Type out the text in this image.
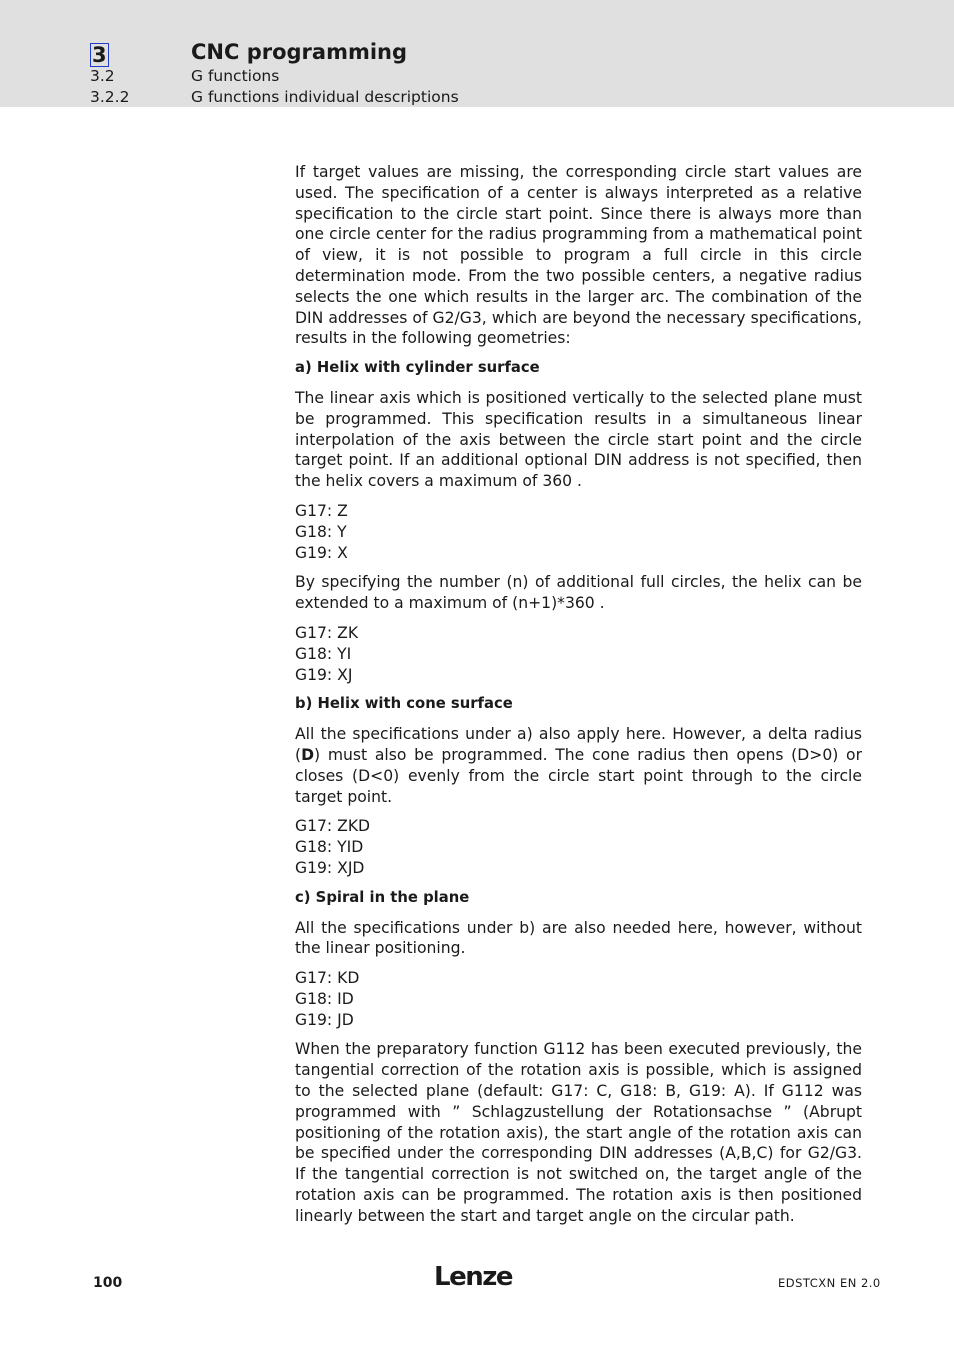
3	CNC programming
3.2	G functions
3.2.2	G functions individual descriptions

If target values are missing, the corresponding circle start values are used. The specification of a center is always interpreted as a relative specification to the circle start point. Since there is always more than one circle center for the radius programming from a mathematical point of view, it is not possible to program a full circle in this circle determination mode. From the two possible centers, a negative radius selects the one which results in the larger arc. The combination of the DIN addresses of G2/G3, which are beyond the necessary specifications, results in the following geometries:

a) Helix with cylinder surface

The linear axis which is positioned vertically to the selected plane must be programmed. This specification results in a simultaneous linear interpolation of the axis between the circle start point and the circle target point. If an additional optional DIN address is not specified, then the helix covers a maximum of 360 .

G17: Z
G18: Y
G19: X

By specifying the number (n) of additional full circles, the helix can be extended to a maximum of (n+1)*360 .

G17: ZK
G18: YI
G19: XJ
b) Helix with cone surface

All the specifications under a) also apply here. However, a delta radius (D) must also be programmed. The cone radius then opens (D>0) or closes (D<0) evenly from the circle start point through to the circle target point.

G17: ZKD
G18: YID
G19: XJD
c) Spiral in the plane

All the specifications under b) are also needed here, however, without the linear positioning.

G17: KD
G18: ID
G19: JD

When the preparatory function G112 has been executed previously, the tangential correction of the rotation axis is possible, which is assigned to the selected plane (default: G17: C, G18: B, G19: A). If G112 was programmed with ” Schlagzustellung der Rotationsachse ” (Abrupt positioning of the rotation axis), the start angle of the rotation axis can be specified under the corresponding DIN addresses (A,B,C) for G2/G3. If the tangential correction is not switched on, the target angle of the rotation axis can be programmed. The rotation axis is then positioned linearly between the start and target angle on the circular path.

100	Lenze	EDSTCXN EN 2.0
